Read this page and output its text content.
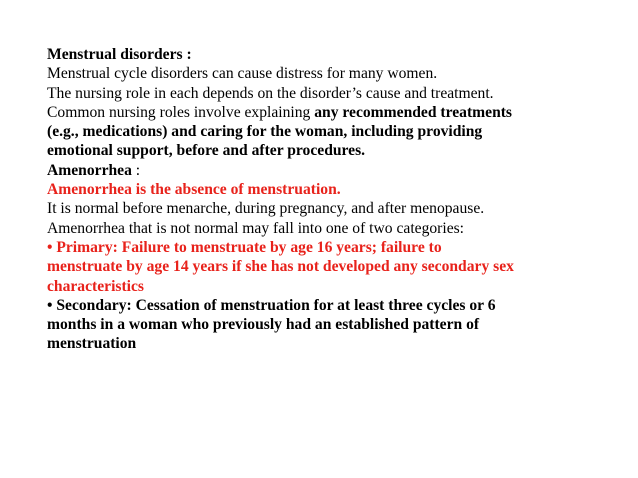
Menstrual disorders :
Menstrual cycle disorders can cause distress for many women.
The nursing role in each depends on the disorder’s cause and treatment.
Common nursing roles involve explaining any recommended treatments
(e.g., medications) and caring for the woman, including providing
emotional support, before and after procedures.
Amenorrhea :
Amenorrhea is the absence of menstruation.
It is normal before menarche, during pregnancy, and after menopause.
Amenorrhea that is not normal may fall into one of two categories:
• Primary: Failure to menstruate by age 16 years; failure to
menstruate by age 14 years if she has not developed any secondary sex
characteristics
• Secondary: Cessation of menstruation for at least three cycles or 6
months in a woman who previously had an established pattern of
menstruation
